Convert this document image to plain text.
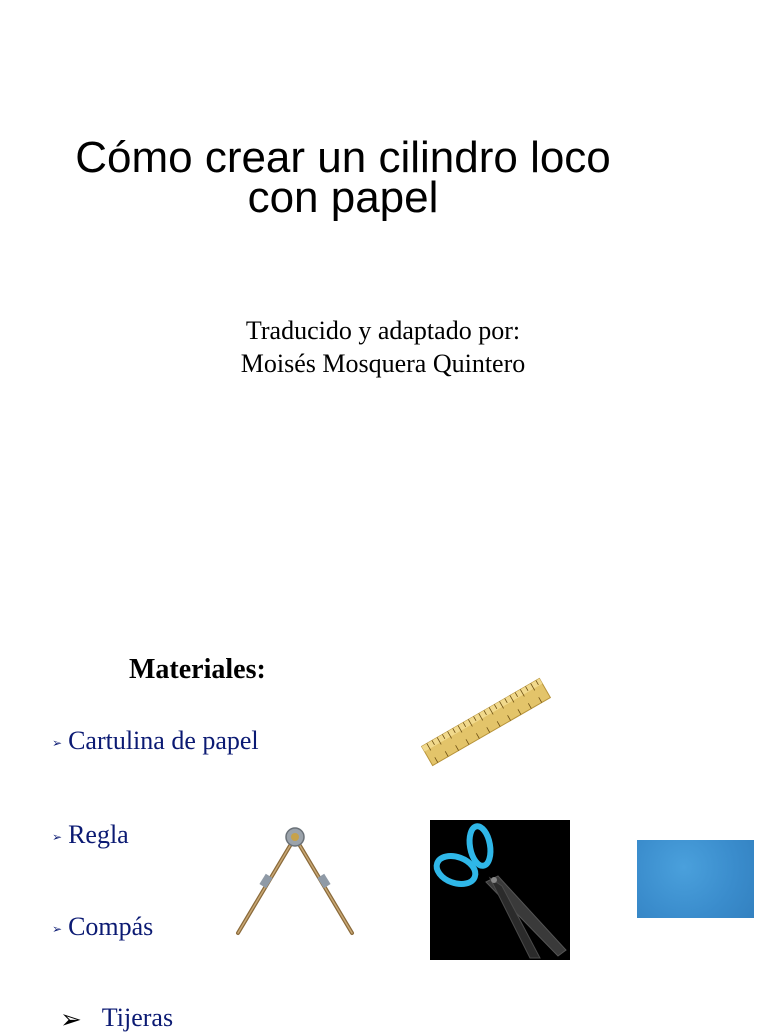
Cómo crear un cilindro loco
con papel
Traducido y adaptado por:
Moisés Mosquera Quintero
Materiales:
➢ Cartulina de papel
➢ Regla
➢ Compás
➢ Tijeras
